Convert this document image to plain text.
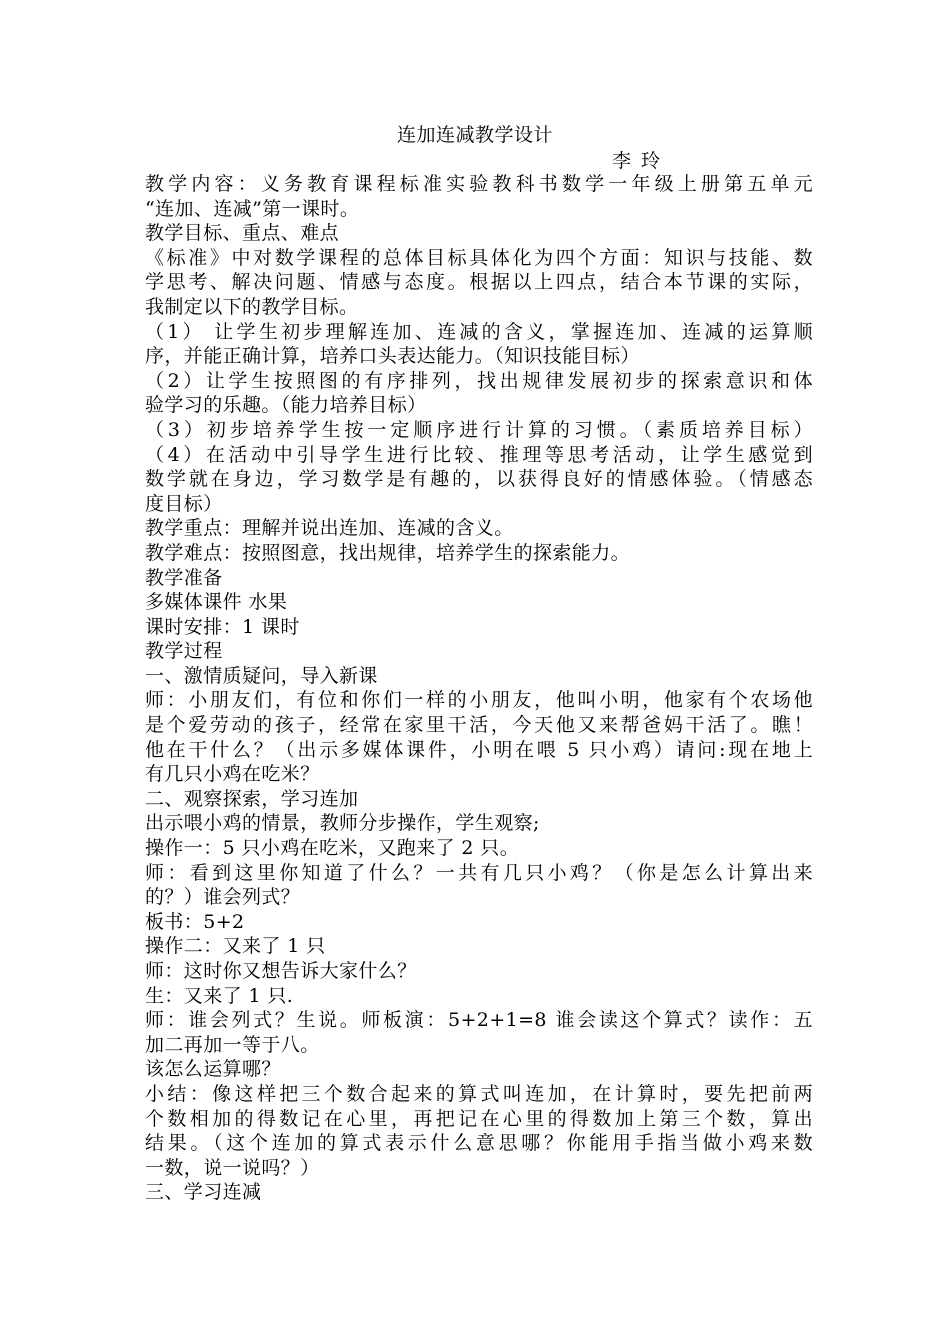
连加连减教学设计

李玲

教学内容：义务教育课程标准实验教科书数学一年级上册第五单元
“连加、连减”第一课时。
教学目标、重点、难点
《标准》中对数学课程的总体目标具体化为四个方面：知识与技能、数
学思考、解决问题、情感与态度。根据以上四点，结合本节课的实际，
我制定以下的教学目标。
（1） 让学生初步理解连加、连减的含义，掌握连加、连减的运算顺
序，并能正确计算，培养口头表达能力。（知识技能目标）
（2）让学生按照图的有序排列，找出规律发展初步的探索意识和体
验学习的乐趣。（能力培养目标）
（3）初步培养学生按一定顺序进行计算的习惯。（素质培养目标）
（4）在活动中引导学生进行比较、推理等思考活动，让学生感觉到
数学就在身边，学习数学是有趣的，以获得良好的情感体验。（情感态
度目标）
教学重点：理解并说出连加、连减的含义。
教学难点：按照图意，找出规律，培养学生的探索能力。
教学准备
多媒体课件 水果
课时安排：1 课时
教学过程
一、激情质疑问，导入新课
师：小朋友们，有位和你们一样的小朋友，他叫小明，他家有个农场他
是个爱劳动的孩子，经常在家里干活，今天他又来帮爸妈干活了。瞧！
他在干什么？（出示多媒体课件，小明在喂 5 只小鸡）请问:现在地上
有几只小鸡在吃米？
二、观察探索，学习连加
出示喂小鸡的情景，教师分步操作，学生观察;
操作一：5 只小鸡在吃米，又跑来了 2 只。
师：看到这里你知道了什么？一共有几只小鸡？（你是怎么计算出来
的？）谁会列式？
板书：5+2
操作二：又来了 1 只
师：这时你又想告诉大家什么？
生：又来了 1 只.
师：谁会列式？生说。师板演：5+2+1=8 谁会读这个算式？读作：五
加二再加一等于八。
该怎么运算哪？
小结：像这样把三个数合起来的算式叫连加，在计算时，要先把前两
个数相加的得数记在心里，再把记在心里的得数加上第三个数，算出
结果。（这个连加的算式表示什么意思哪？你能用手指当做小鸡来数
一数，说一说吗？）
三、学习连减
